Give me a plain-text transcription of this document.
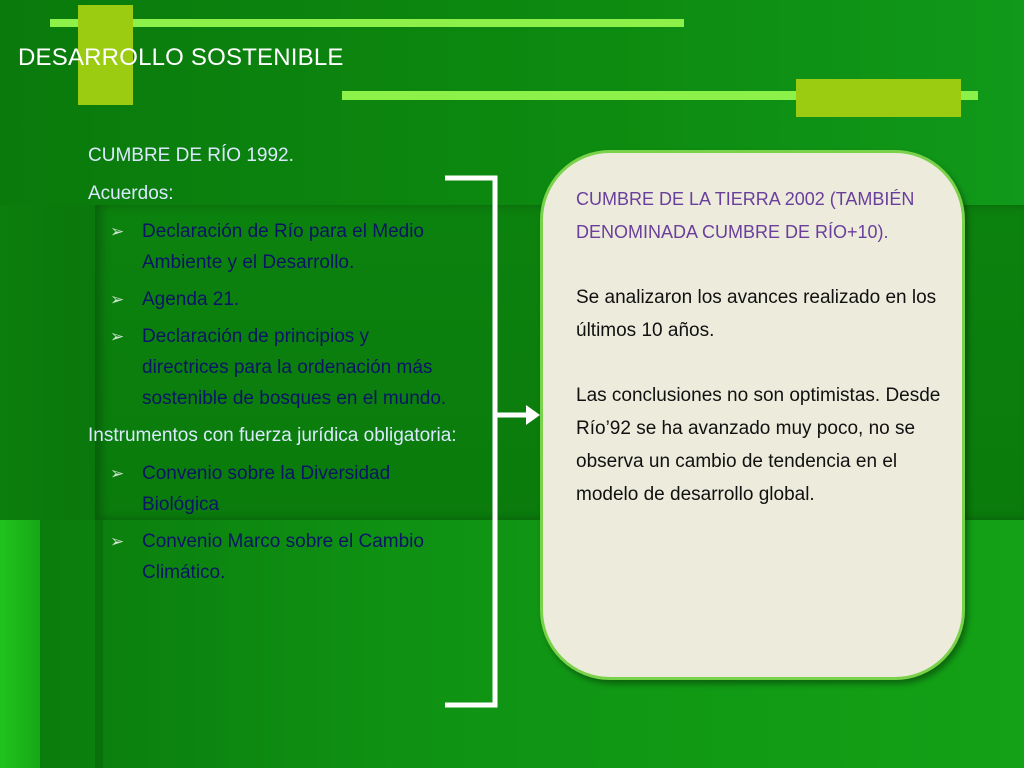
DESARROLLO SOSTENIBLE
CUMBRE DE RÍO 1992.
Acuerdos:
➢ Declaración de Río para el Medio Ambiente y el Desarrollo.
➢ Agenda 21.
➢ Declaración de principios y directrices para la ordenación más sostenible de bosques en el mundo.
Instrumentos con fuerza jurídica obligatoria:
➢ Convenio sobre la Diversidad Biológica
➢ Convenio Marco sobre el Cambio Climático.
CUMBRE DE LA TIERRA 2002 (TAMBIÉN DENOMINADA CUMBRE DE RÍO+10).
Se analizaron los avances realizado en los últimos 10 años.
Las conclusiones no son optimistas. Desde Río’92 se ha avanzado muy poco, no se observa un cambio de tendencia en el modelo de desarrollo global.
